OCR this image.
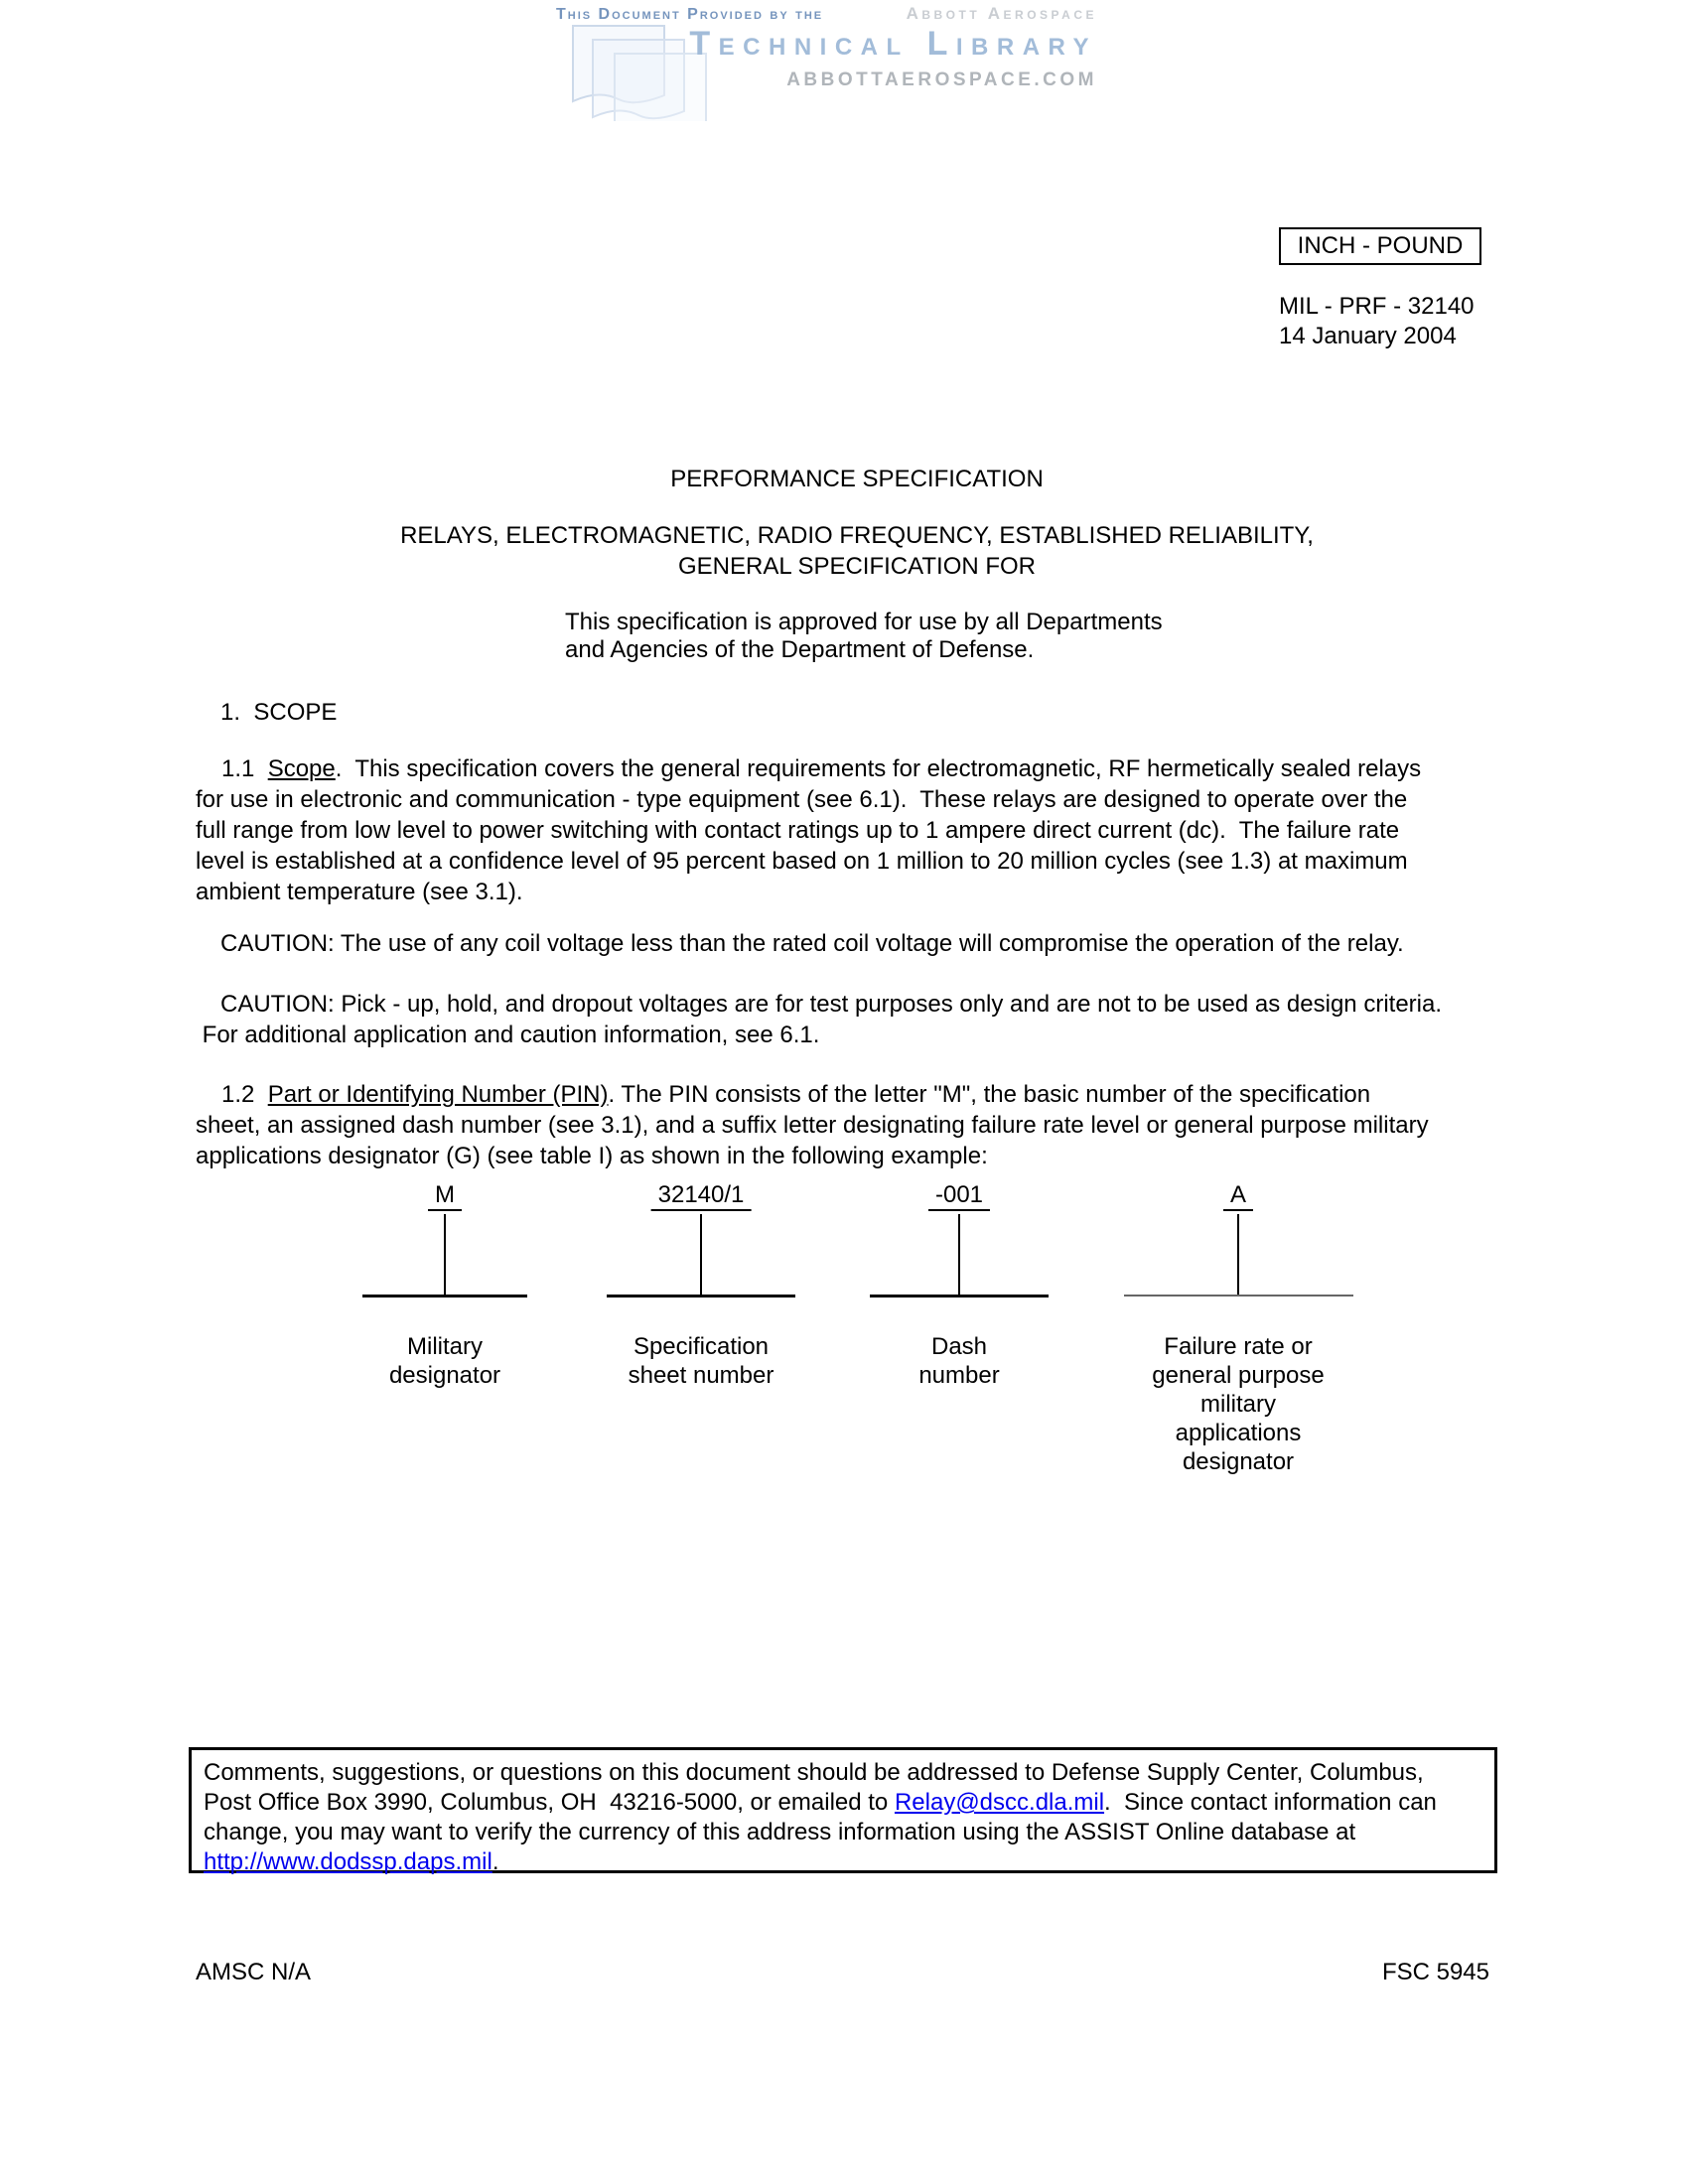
This Document Provided by the	Abbott Aerospace
Technical Library
ABBOTTAEROSPACE.COM
INCH - POUND
MIL - PRF - 32140
14 January 2004
PERFORMANCE SPECIFICATION
RELAYS, ELECTROMAGNETIC, RADIO FREQUENCY, ESTABLISHED RELIABILITY,
GENERAL SPECIFICATION FOR
This specification is approved for use by all Departments
and Agencies of the Department of Defense.
1.  SCOPE
1.1  Scope.  This specification covers the general requirements for electromagnetic, RF hermetically sealed relays
for use in electronic and communication - type equipment (see 6.1).  These relays are designed to operate over the
full range from low level to power switching with contact ratings up to 1 ampere direct current (dc).  The failure rate
level is established at a confidence level of 95 percent based on 1 million to 20 million cycles (see 1.3) at maximum
ambient temperature (see 3.1).
CAUTION: The use of any coil voltage less than the rated coil voltage will compromise the operation of the relay.
CAUTION: Pick - up, hold, and dropout voltages are for test purposes only and are not to be used as design criteria.
For additional application and caution information, see 6.1.
1.2  Part or Identifying Number (PIN). The PIN consists of the letter "M", the basic number of the specification
sheet, an assigned dash number (see 3.1), and a suffix letter designating failure rate level or general purpose military
applications designator (G) (see table I) as shown in the following example:
M
Military
designator
32140/1
Specification
sheet number
-001
Dash
number
A
Failure rate or
general purpose
military
applications
designator
Comments, suggestions, or questions on this document should be addressed to Defense Supply Center, Columbus,
Post Office Box 3990, Columbus, OH  43216-5000, or emailed to Relay@dscc.dla.mil.  Since contact information can
change, you may want to verify the currency of this address information using the ASSIST Online database at
http://www.dodssp.daps.mil.
AMSC N/A	FSC 5945
